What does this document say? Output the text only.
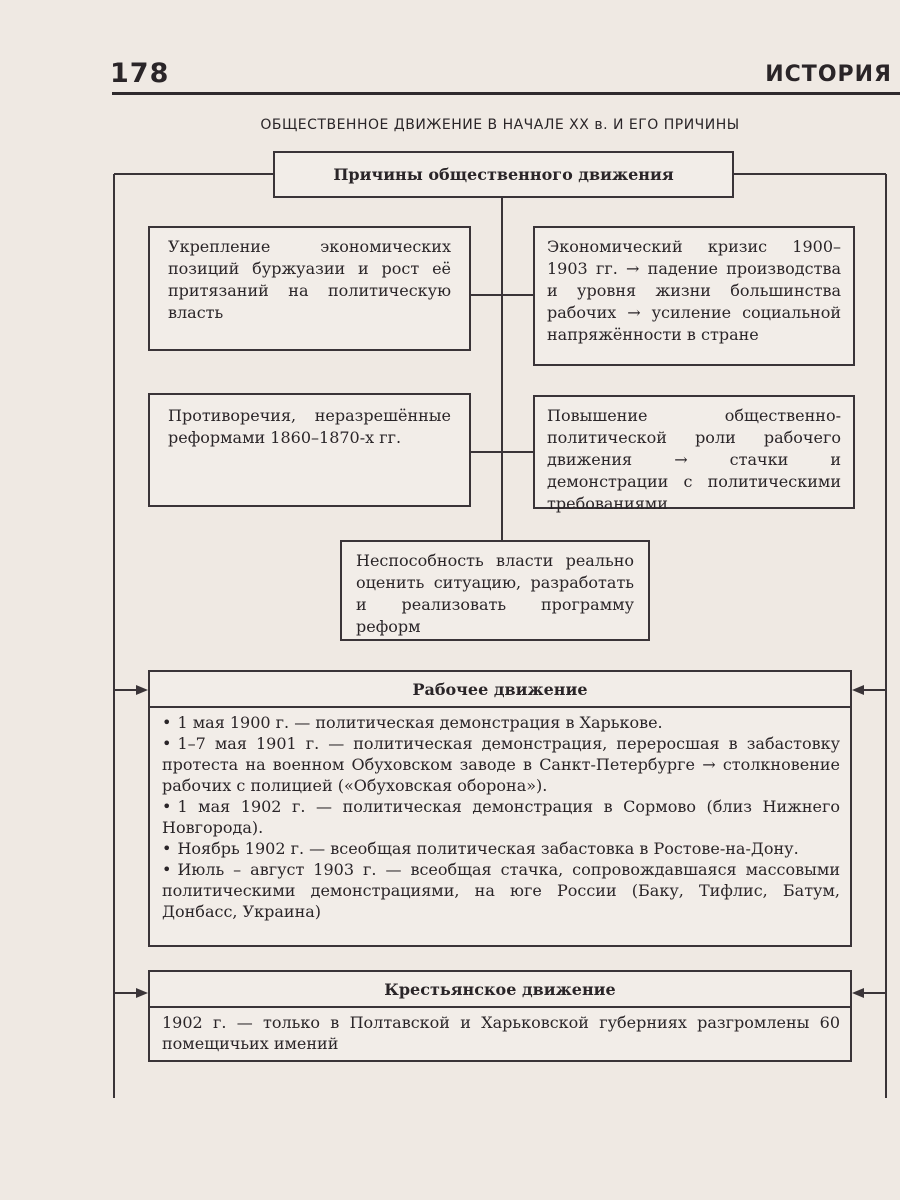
178	ИСТОРИЯ
ОБЩЕСТВЕННОЕ ДВИЖЕНИЕ В НАЧАЛЕ XX в. И ЕГО ПРИЧИНЫ
Причины общественного движения
Укрепление экономических позиций буржуазии и рост её притязаний на политическую власть
Экономический кризис 1900–1903 гг. → падение производства и уровня жизни большинства рабочих → усиление социальной напряжённости в стране
Противоречия, неразрешённые реформами 1860–1870-х гг.
Повышение общественно-политической роли рабочего движения → стачки и демонстрации с политическими требованиями
Неспособность власти реально оценить ситуацию, разработать и реализовать программу реформ
Рабочее движение

• 1 мая 1900 г. — политическая демонстрация в Харькове.

• 1–7 мая 1901 г. — политическая демонстрация, переросшая в забастовку протеста на военном Обуховском заводе в Санкт-Петербурге → столкновение рабочих с полицией («Обуховская оборона»).

• 1 мая 1902 г. — политическая демонстрация в Сормово (близ Нижнего Новгорода).

• Ноябрь 1902 г. — всеобщая политическая забастовка в Ростове-на-Дону.

• Июль – август 1903 г. — всеобщая стачка, сопровождавшаяся массовыми политическими демонстрациями, на юге России (Баку, Тифлис, Батум, Донбасс, Украина)

Крестьянское движение
1902 г. — только в Полтавской и Харьковской губерниях разгромлены 60 помещичьих имений
